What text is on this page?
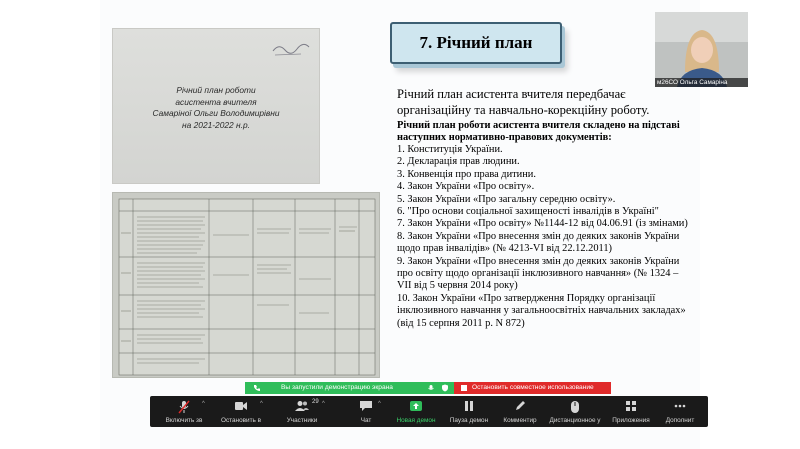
Річний план роботи
асистента вчителя
Самаріної Ольги Володимирівни
на 2021-2022 н.р.
7. Річний план
Річний план асистента вчителя передбачає організаційну та навчально-корекційну роботу.
Річний план роботи асистента вчителя складено на підставі наступних нормативно-правових документів:
1. Конституція України.
2. Декларація прав людини.
3. Конвенція про права дитини.
4. Закон України «Про освіту».
5. Закон України «Про загальну середню освіту».
6. "Про основи соціальної захищеності інвалідів в Україні"
7. Закон України «Про освіту» №1144-12 від 04.06.91 (із змінами)
8. Закон України «Про внесення змін до деяких законів України щодо прав інвалідів» (№ 4213-VI від 22.12.2011)
9. Закон України «Про внесення змін до деяких законів України про освіту щодо організації інклюзивного навчання» (№ 1324 – VII від 5 червня 2014 року)
10. Закон України «Про затвердження Порядку організації інклюзивного навчання у загальноосвітніх навчальних закладах» (від 15 серпня 2011 р. N 872)
м26СО Ольга Самаріна
Вы запустили демонстрацию экрана	Остановить совместное использование
^
Включить зв
^
Остановить в
29 ^
Участники
^
Чат	Новая демон	Пауза демон	Комментир	Дистанционное у	Приложения	Дополнит
